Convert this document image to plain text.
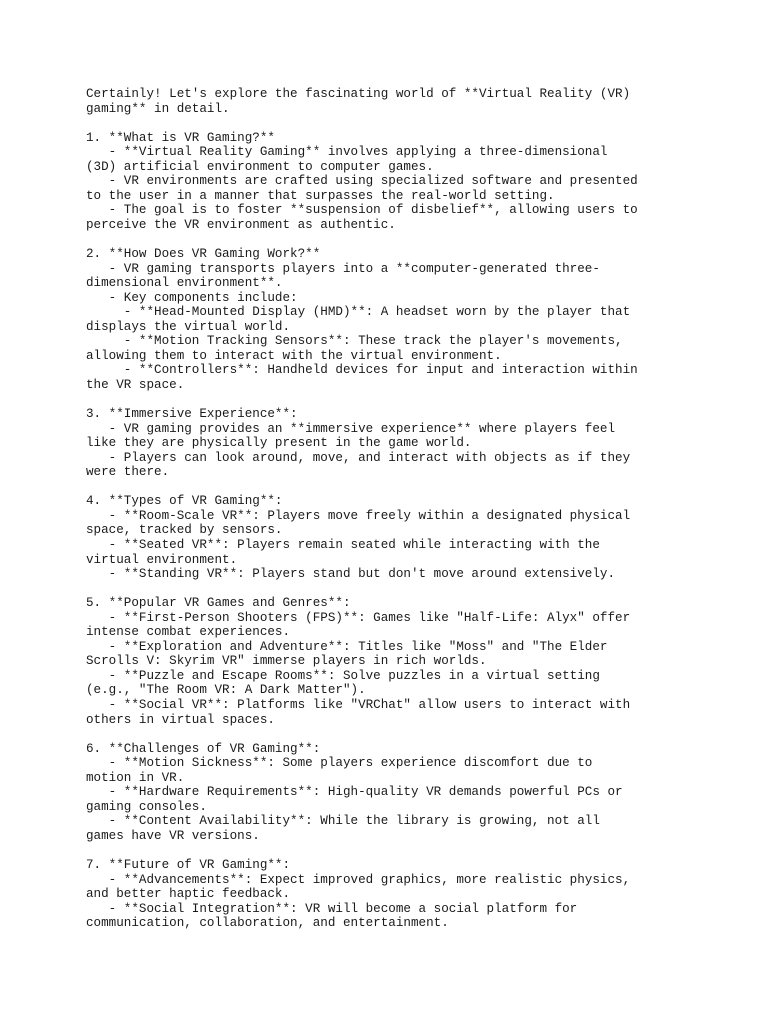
Certainly! Let's explore the fascinating world of **Virtual Reality (VR)
gaming** in detail.
1. **What is VR Gaming?**
- **Virtual Reality Gaming** involves applying a three-dimensional
(3D) artificial environment to computer games.
- VR environments are crafted using specialized software and presented
to the user in a manner that surpasses the real-world setting.
- The goal is to foster **suspension of disbelief**, allowing users to
perceive the VR environment as authentic.
2. **How Does VR Gaming Work?**
- VR gaming transports players into a **computer-generated three-
dimensional environment**.
- Key components include:
- **Head-Mounted Display (HMD)**: A headset worn by the player that
displays the virtual world.
- **Motion Tracking Sensors**: These track the player's movements,
allowing them to interact with the virtual environment.
- **Controllers**: Handheld devices for input and interaction within
the VR space.
3. **Immersive Experience**:
- VR gaming provides an **immersive experience** where players feel
like they are physically present in the game world.
- Players can look around, move, and interact with objects as if they
were there.
4. **Types of VR Gaming**:
- **Room-Scale VR**: Players move freely within a designated physical
space, tracked by sensors.
- **Seated VR**: Players remain seated while interacting with the
virtual environment.
- **Standing VR**: Players stand but don't move around extensively.
5. **Popular VR Games and Genres**:
- **First-Person Shooters (FPS)**: Games like "Half-Life: Alyx" offer
intense combat experiences.
- **Exploration and Adventure**: Titles like "Moss" and "The Elder
Scrolls V: Skyrim VR" immerse players in rich worlds.
- **Puzzle and Escape Rooms**: Solve puzzles in a virtual setting
(e.g., "The Room VR: A Dark Matter").
- **Social VR**: Platforms like "VRChat" allow users to interact with
others in virtual spaces.
6. **Challenges of VR Gaming**:
- **Motion Sickness**: Some players experience discomfort due to
motion in VR.
- **Hardware Requirements**: High-quality VR demands powerful PCs or
gaming consoles.
- **Content Availability**: While the library is growing, not all
games have VR versions.
7. **Future of VR Gaming**:
- **Advancements**: Expect improved graphics, more realistic physics,
and better haptic feedback.
- **Social Integration**: VR will become a social platform for
communication, collaboration, and entertainment.
